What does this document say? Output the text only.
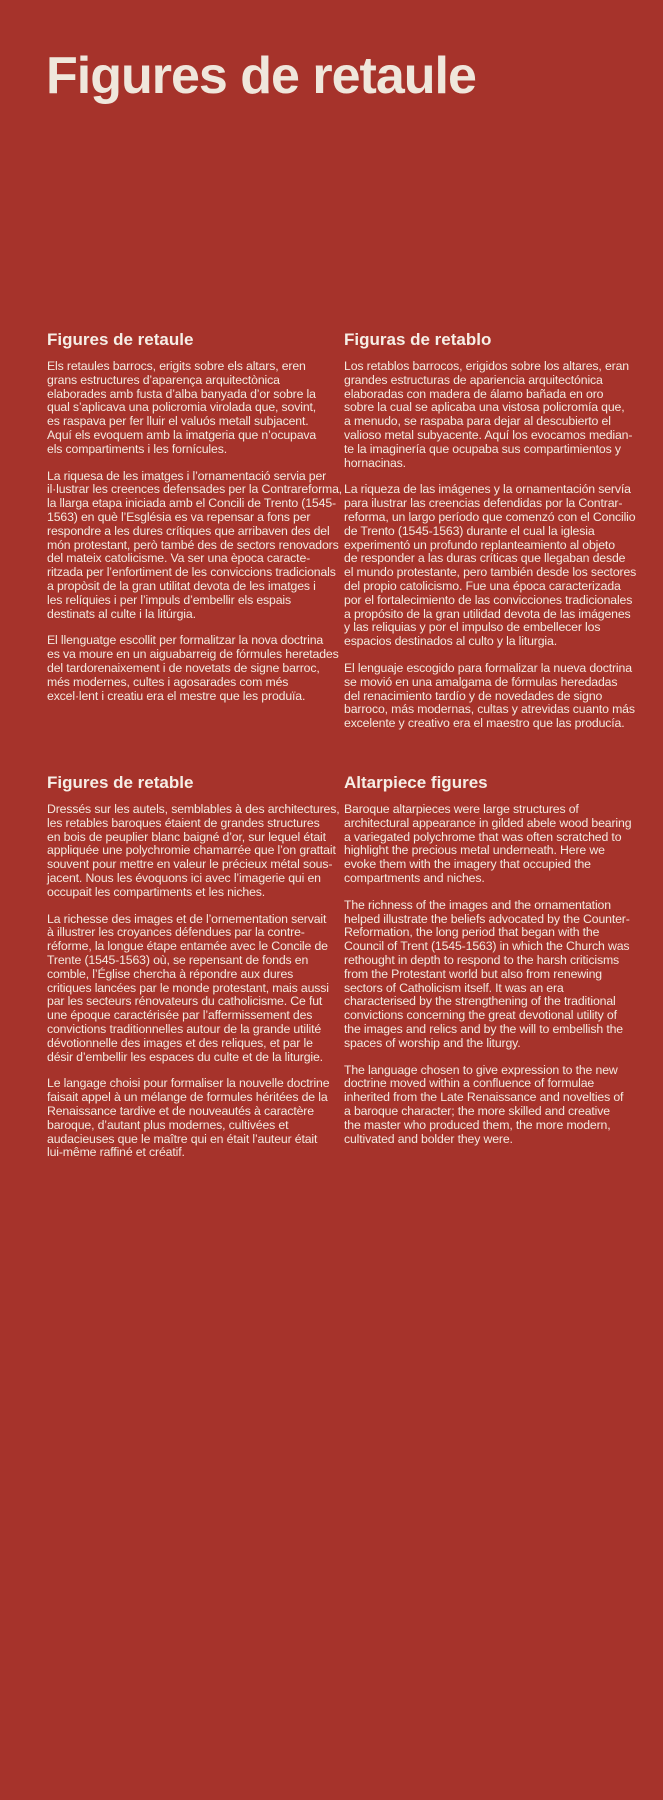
Figures de retaule
Figures de retaule

Els retaules barrocs, erigits sobre els altars, eren
grans estructures d’aparença arquitectònica
elaborades amb fusta d’alba banyada d’or sobre la
qual s’aplicava una policromia virolada que, sovint,
es raspava per fer lluir el valuós metall subjacent.
Aquí els evoquem amb la imatgeria que n’ocupava
els compartiments i les fornícules.

La riquesa de les imatges i l’ornamentació servia per
il·lustrar les creences defensades per la Contrareforma,
la llarga etapa iniciada amb el Concili de Trento (1545-
1563) en què l’Església es va repensar a fons per
respondre a les dures crítiques que arribaven des del
món protestant, però també des de sectors renovadors
del mateix catolicisme. Va ser una època caracte-
ritzada per l’enfortiment de les conviccions tradicionals
a propòsit de la gran utilitat devota de les imatges i
les relíquies i per l’impuls d’embellir els espais
destinats al culte i la litúrgia.

El llenguatge escollit per formalitzar la nova doctrina
es va moure en un aiguabarreig de fórmules heretades
del tardorenaixement i de novetats de signe barroc,
més modernes, cultes i agosarades com més
excel·lent i creatiu era el mestre que les produïa.

Figuras de retablo

Los retablos barrocos, erigidos sobre los altares, eran
grandes estructuras de apariencia arquitectónica
elaboradas con madera de álamo bañada en oro
sobre la cual se aplicaba una vistosa policromía que,
a menudo, se raspaba para dejar al descubierto el
valioso metal subyacente. Aquí los evocamos median-
te la imaginería que ocupaba sus compartimientos y
hornacinas.

La riqueza de las imágenes y la ornamentación servía
para ilustrar las creencias defendidas por la Contrar-
reforma, un largo período que comenzó con el Concilio
de Trento (1545-1563) durante el cual la iglesia
experimentó un profundo replanteamiento al objeto
de responder a las duras críticas que llegaban desde
el mundo protestante, pero también desde los sectores
del propio catolicismo. Fue una época caracterizada
por el fortalecimiento de las convicciones tradicionales
a propósito de la gran utilidad devota de las imágenes
y las reliquias y por el impulso de embellecer los
espacios destinados al culto y la liturgia.

El lenguaje escogido para formalizar la nueva doctrina
se movió en una amalgama de fórmulas heredadas
del renacimiento tardío y de novedades de signo
barroco, más modernas, cultas y atrevidas cuanto más
excelente y creativo era el maestro que las producía.

Figures de retable

Dressés sur les autels, semblables à des architectures,
les retables baroques étaient de grandes structures
en bois de peuplier blanc baigné d’or, sur lequel était
appliquée une polychromie chamarrée que l’on grattait
souvent pour mettre en valeur le précieux métal sous-
jacent. Nous les évoquons ici avec l’imagerie qui en
occupait les compartiments et les niches.

La richesse des images et de l’ornementation servait
à illustrer les croyances défendues par la contre-
réforme, la longue étape entamée avec le Concile de
Trente (1545-1563) où, se repensant de fonds en
comble, l’Église chercha à répondre aux dures
critiques lancées par le monde protestant, mais aussi
par les secteurs rénovateurs du catholicisme. Ce fut
une époque caractérisée par l’affermissement des
convictions traditionnelles autour de la grande utilité
dévotionnelle des images et des reliques, et par le
désir d’embellir les espaces du culte et de la liturgie.

Le langage choisi pour formaliser la nouvelle doctrine
faisait appel à un mélange de formules héritées de la
Renaissance tardive et de nouveautés à caractère
baroque, d’autant plus modernes, cultivées et
audacieuses que le maître qui en était l’auteur était
lui-même raffiné et créatif.

Altarpiece figures

Baroque altarpieces were large structures of
architectural appearance in gilded abele wood bearing
a variegated polychrome that was often scratched to
highlight the precious metal underneath. Here we
evoke them with the imagery that occupied the
compartments and niches.

The richness of the images and the ornamentation
helped illustrate the beliefs advocated by the Counter-
Reformation, the long period that began with the
Council of Trent (1545-1563) in which the Church was
rethought in depth to respond to the harsh criticisms
from the Protestant world but also from renewing
sectors of Catholicism itself. It was an era
characterised by the strengthening of the traditional
convictions concerning the great devotional utility of
the images and relics and by the will to embellish the
spaces of worship and the liturgy.

The language chosen to give expression to the new
doctrine moved within a confluence of formulae
inherited from the Late Renaissance and novelties of
a baroque character; the more skilled and creative
the master who produced them, the more modern,
cultivated and bolder they were.
